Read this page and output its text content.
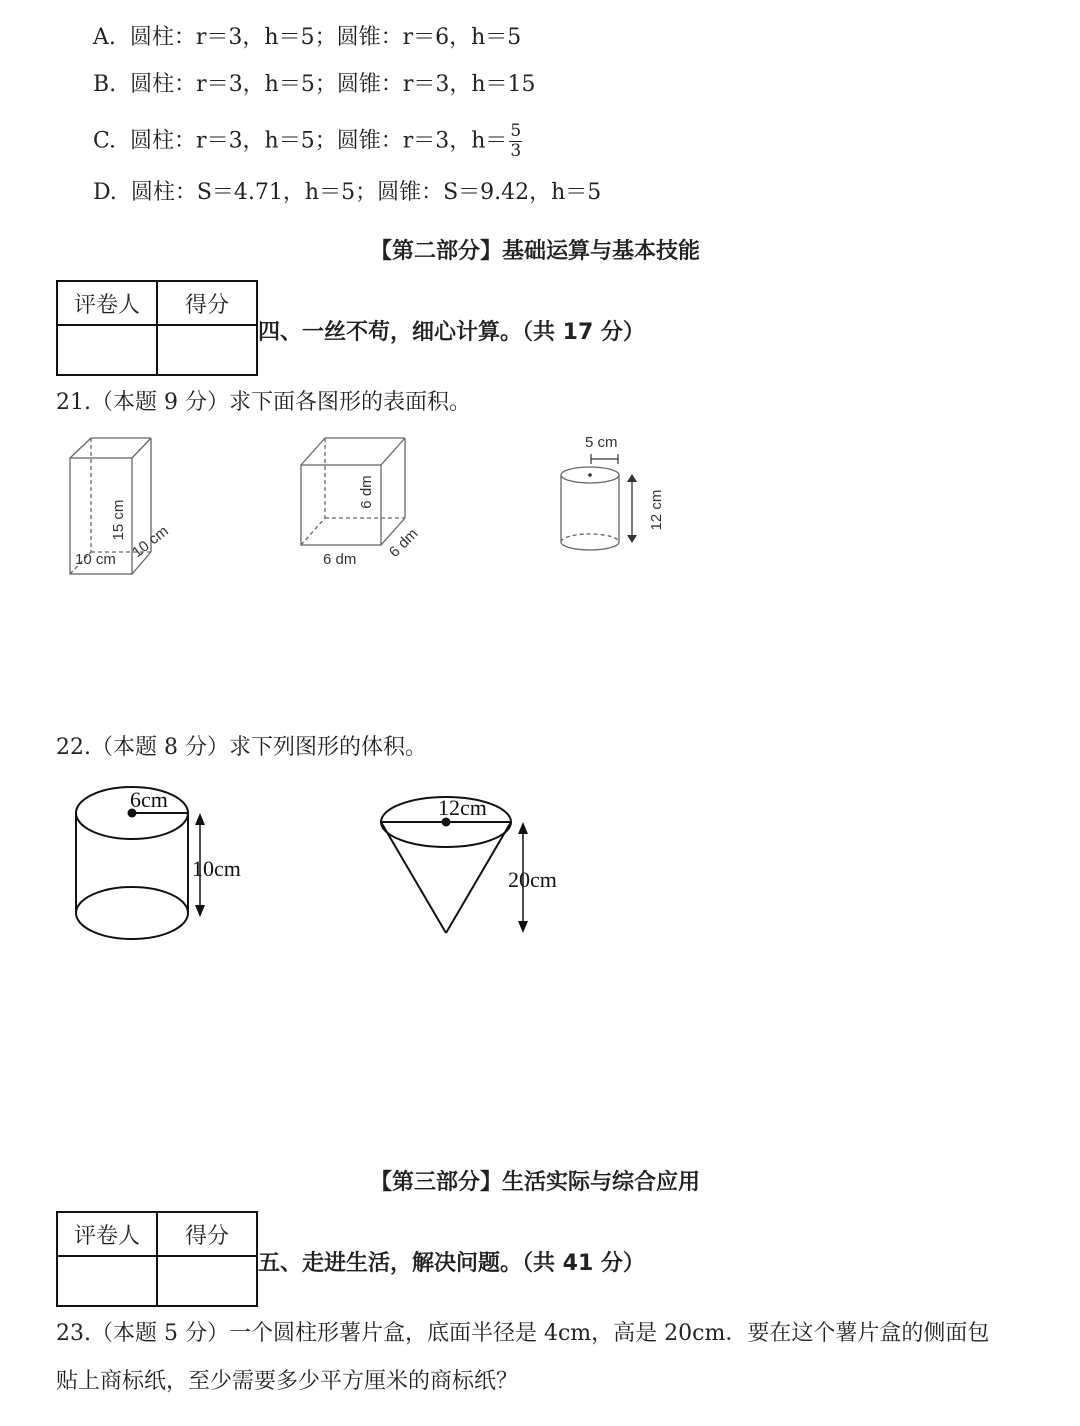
A. 圆柱：r＝3，h＝5；圆锥：r＝6，h＝5
B. 圆柱：r＝3，h＝5；圆锥：r＝3，h＝15
C. 圆柱：r＝3，h＝5；圆锥：r＝3，$h= \frac{5}{3}$
D. 圆柱：S＝4.71，h＝5；圆锥：S＝9.42，h＝5
【第二部分】基础运算与基本技能
评卷人	得分

四、一丝不苟，细心计算。（共 17 分）
21.（本题 9 分）求下面各图形的表面积。
15 cm
10 cm 10 cm
6 dm
6 dm 6 dm
5 cm
12 cm
22.（本题 8 分）求下列图形的体积。
6cm
10cm
12cm
20cm
【第三部分】生活实际与综合应用
评卷人	得分

五、走进生活，解决问题。（共 41 分）
23.（本题 5 分）一个圆柱形薯片盒，底面半径是 4cm，高是 20cm．要在这个薯片盒的侧面包
贴上商标纸，至少需要多少平方厘米的商标纸？
